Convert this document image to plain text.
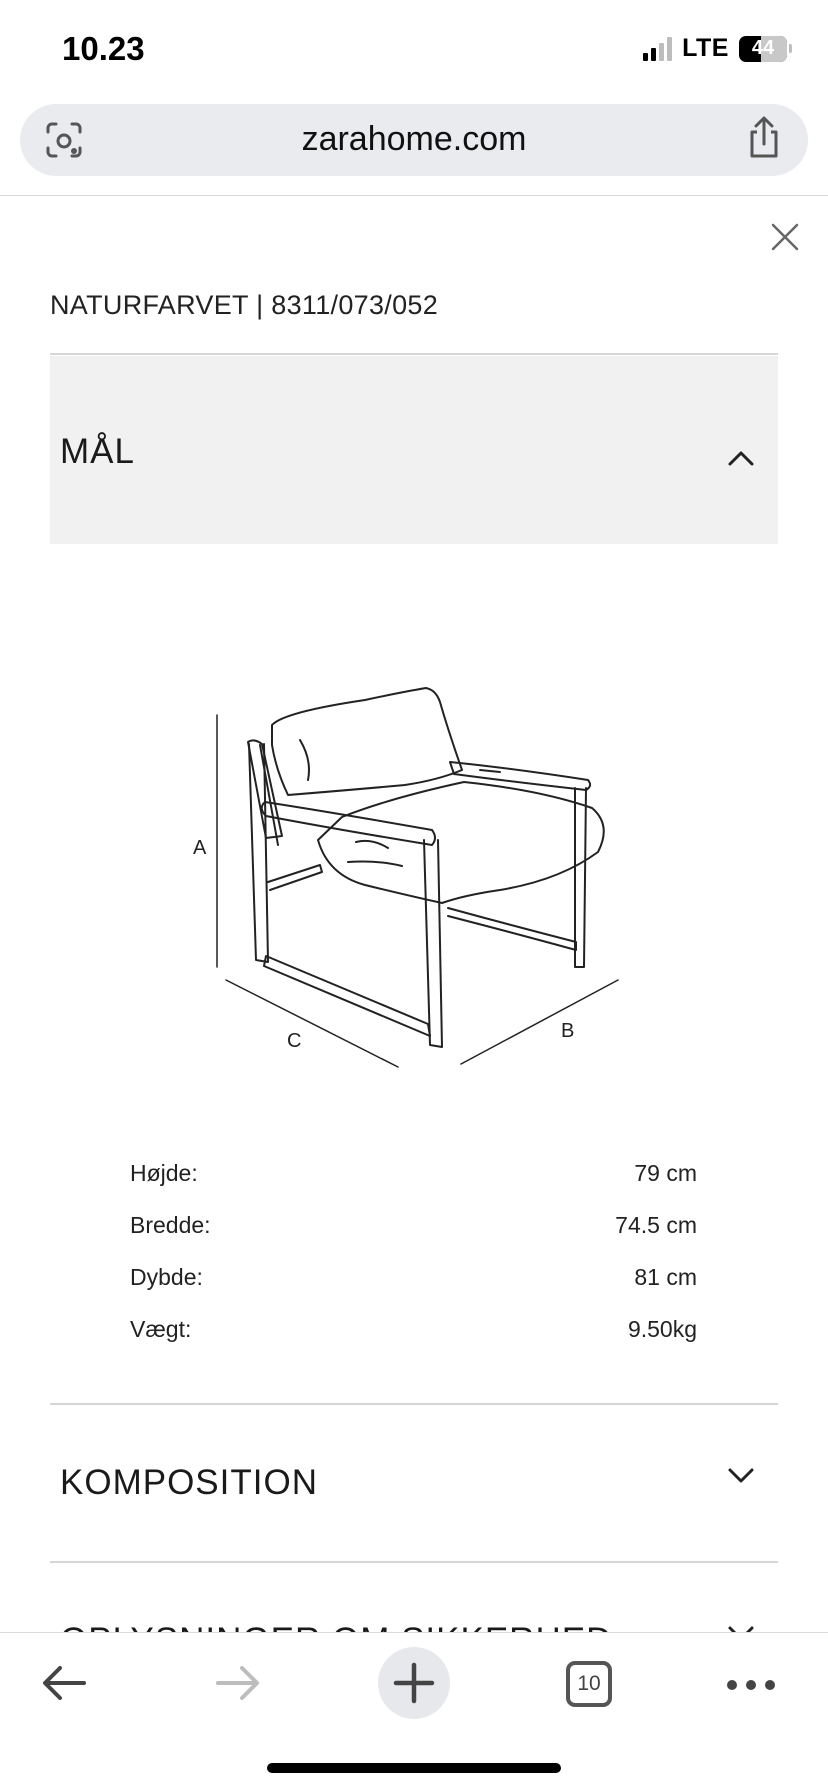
10.23	LTE 44
zarahome.com
NATURFARVET | 8311/073/052
MÅL
A
C	B
Højde:	79 cm
Bredde:	74.5 cm
Dybde:	81 cm
Vægt:	9.50kg
KOMPOSITION
10
